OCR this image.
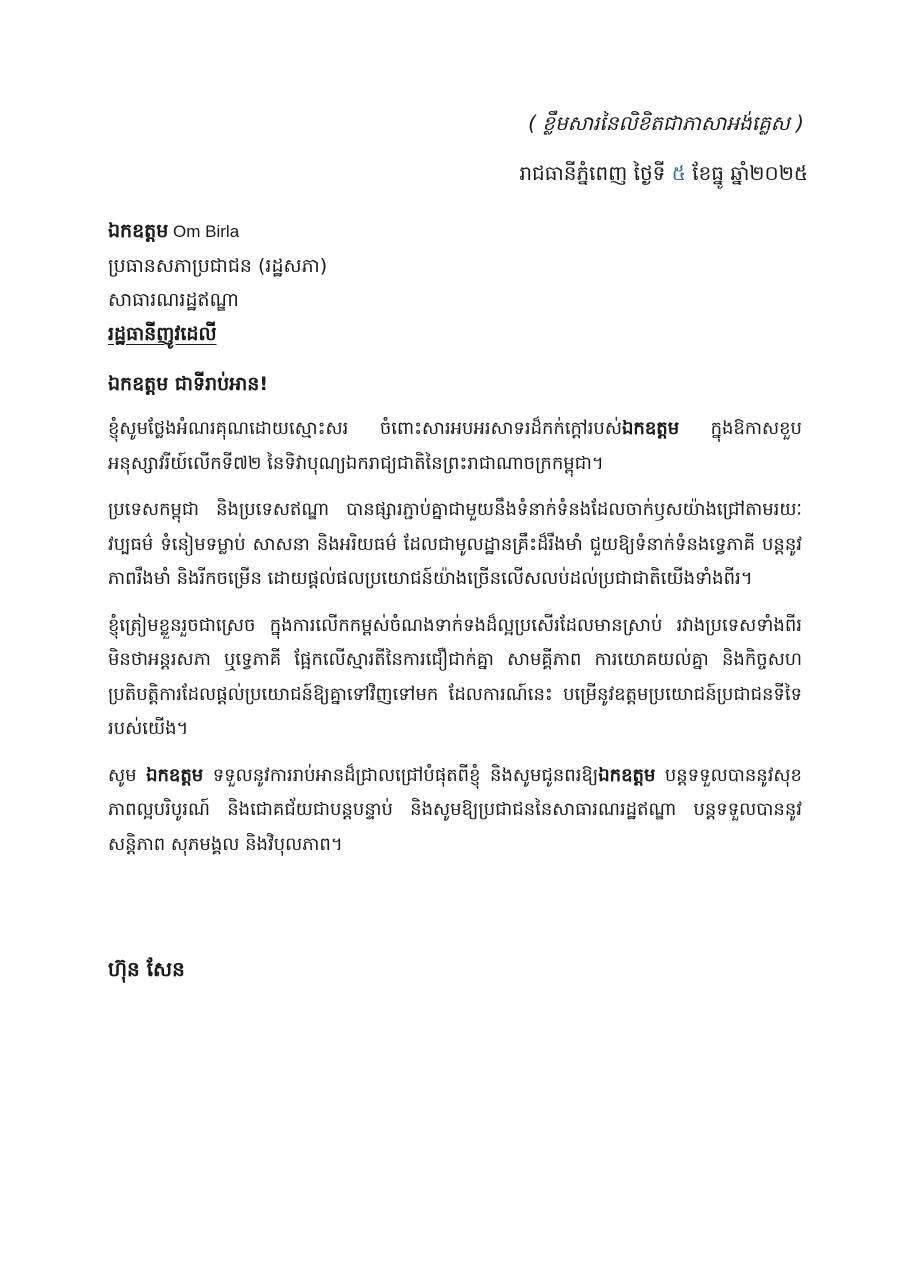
( ខ្លឹមសារនៃលិខិតជាភាសាអង់គ្លេស )
រាជធានីភ្នំពេញ ថ្ងៃទី ៥ ខែធ្នូ ឆ្នាំ២០២៥
ឯកឧត្តម Om Birla
ប្រធានសភាប្រជាជន (រដ្ឋសភា)
សាធារណរដ្ឋឥណ្ឌា
រដ្ឋធានីញូវដេលី
ឯកឧត្តម ជាទីរាប់អាន!

ខ្ញុំសូមថ្លែងអំណរគុណដោយស្មោះសរ ចំពោះសារអបអរសាទរដ៏កក់ក្ដៅរបស់ឯកឧត្តម ក្នុងឱកាសខួបអនុស្សាវរីយ៍លើកទី៧២ នៃទិវាបុណ្យឯករាជ្យជាតិនៃព្រះរាជាណាចក្រកម្ពុជា។

ប្រទេសកម្ពុជា និងប្រទេសឥណ្ឌា បានផ្សារភ្ជាប់គ្នាជាមួយនឹងទំនាក់ទំនងដែលចាក់ឫសយ៉ាងជ្រៅតាមរយៈវប្បធម៌ ទំនៀមទម្លាប់ សាសនា និងអរិយធម៌ ដែលជាមូលដ្ឋានគ្រឹះដ៏រឹងមាំ ជួយឱ្យទំនាក់ទំនងទ្វេភាគី បន្តនូវភាពរឹងមាំ និងរីកចម្រើន ដោយផ្ដល់ផលប្រយោជន៍យ៉ាងច្រើនលើសលប់ដល់ប្រជាជាតិយើងទាំងពីរ។

ខ្ញុំត្រៀមខ្លួនរួចជាស្រេច ក្នុងការលើកកម្ពស់ចំណងទាក់ទងដ៏ល្អប្រសើរដែលមានស្រាប់ រវាងប្រទេសទាំងពីរ មិនថាអន្តរសភា ឬទ្វេភាគី ផ្អែកលើស្មារតីនៃការជឿជាក់គ្នា សាមគ្គីភាព ការយោគយល់គ្នា និងកិច្ចសហប្រតិបត្តិការដែលផ្ដល់ប្រយោជន៍ឱ្យគ្នាទៅវិញទៅមក ដែលការណ៍នេះ បម្រើនូវឧត្តមប្រយោជន៍ប្រជាជនទីទៃរបស់យើង។

សូម ឯកឧត្តម ទទួលនូវការរាប់អានដ៏ជ្រាលជ្រៅបំផុតពីខ្ញុំ និងសូមជូនពរឱ្យឯកឧត្តម បន្តទទួលបាននូវសុខភាពល្អបរិបូរណ៍ និងជោគជ័យជាបន្តបន្ទាប់ និងសូមឱ្យប្រជាជននៃសាធារណរដ្ឋឥណ្ឌា បន្តទទួលបាននូវសន្តិភាព សុភមង្គល និងវិបុលភាព។

ហ៊ុន សែន
